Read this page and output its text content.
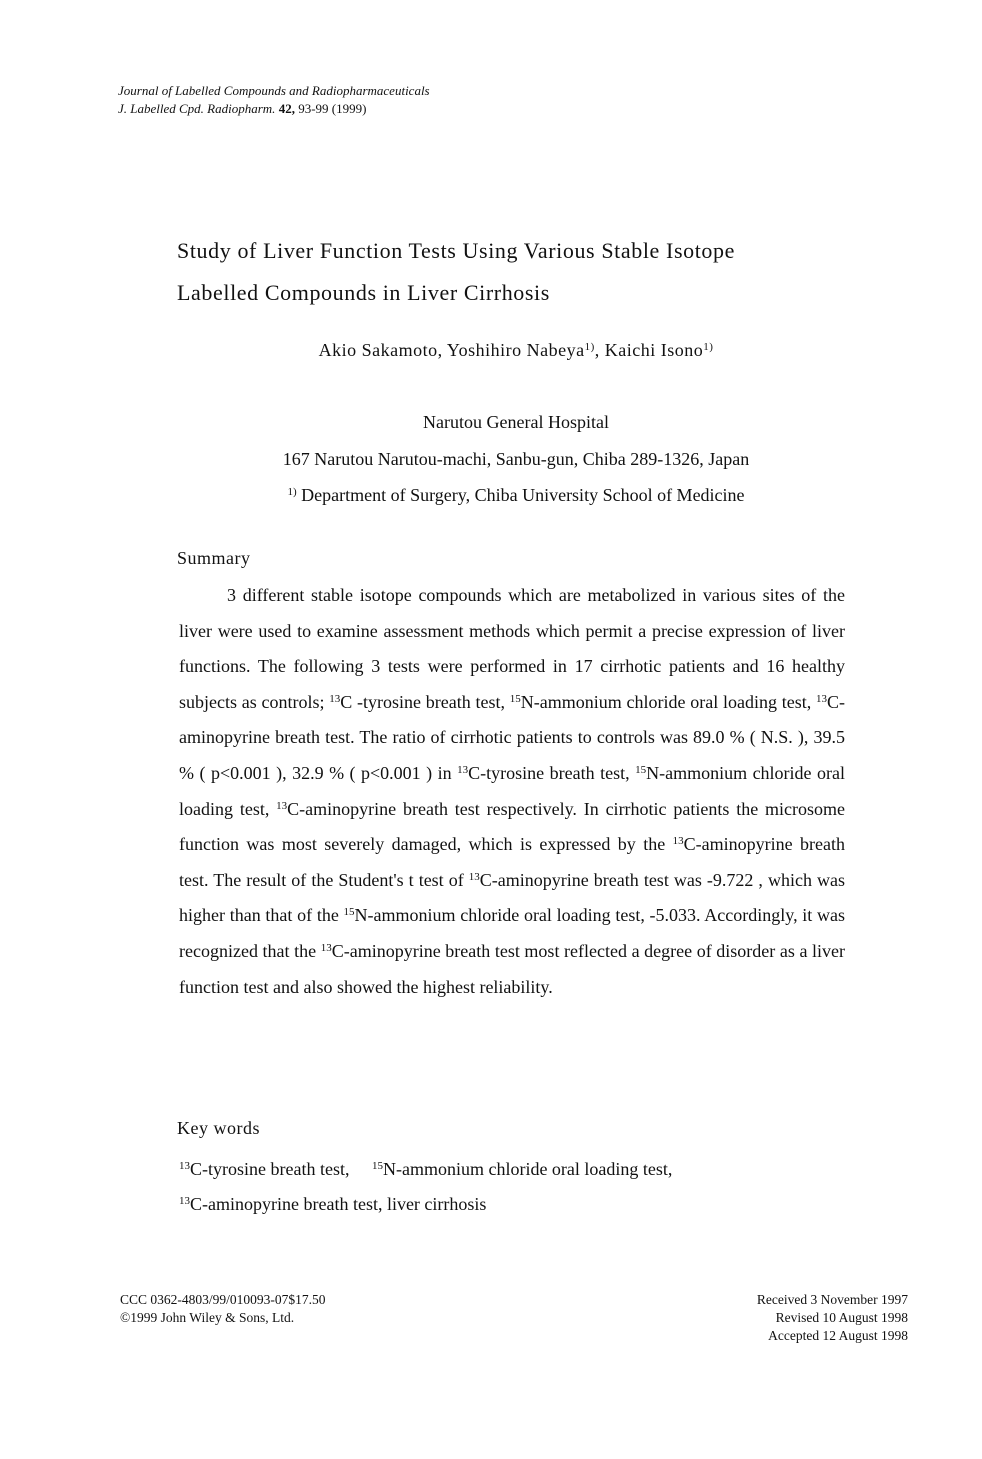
Journal of Labelled Compounds and Radiopharmaceuticals
J. Labelled Cpd. Radiopharm. 42, 93-99 (1999)
Study of Liver Function Tests Using Various Stable Isotope
Labelled Compounds in Liver Cirrhosis
Akio Sakamoto, Yoshihiro Nabeya$^{1)}$, Kaichi Isono$^{1)}$
Narutou General Hospital
167 Narutou Narutou-machi, Sanbu-gun, Chiba 289-1326, Japan
$^{1)}$ Department of Surgery, Chiba University School of Medicine
Summary
3 different stable isotope compounds which are metabolized in various sites of the liver were used to examine assessment methods which permit a precise expression of liver functions. The following 3 tests were performed in 17 cirrhotic patients and 16 healthy subjects as controls; $^{13}$C -tyrosine breath test, $^{15}$N-ammonium chloride oral loading test, $^{13}$C-aminopyrine breath test. The ratio of cirrhotic patients to controls was 89.0 % ( N.S. ), 39.5 % ( p<0.001 ), 32.9 % ( p<0.001 ) in $^{13}$C-tyrosine breath test, $^{15}$N-ammonium chloride oral loading test, $^{13}$C-aminopyrine breath test respectively. In cirrhotic patients the microsome function was most severely damaged, which is expressed by the $^{13}$C-aminopyrine breath test. The result of the Student's t test of $^{13}$C-aminopyrine breath test was -9.722 , which was higher than that of the $^{15}$N-ammonium chloride oral loading test, -5.033. Accordingly, it was recognized that the $^{13}$C-aminopyrine breath test most reflected a degree of disorder as a liver function test and also showed the highest reliability.
Key words
$^{13}$C-tyrosine breath test, $^{15}$N-ammonium chloride oral loading test,
$^{13}$C-aminopyrine breath test, liver cirrhosis
CCC 0362-4803/99/010093-07$17.50
©1999 John Wiley & Sons, Ltd.
Received 3 November 1997
Revised 10 August 1998
Accepted 12 August 1998
